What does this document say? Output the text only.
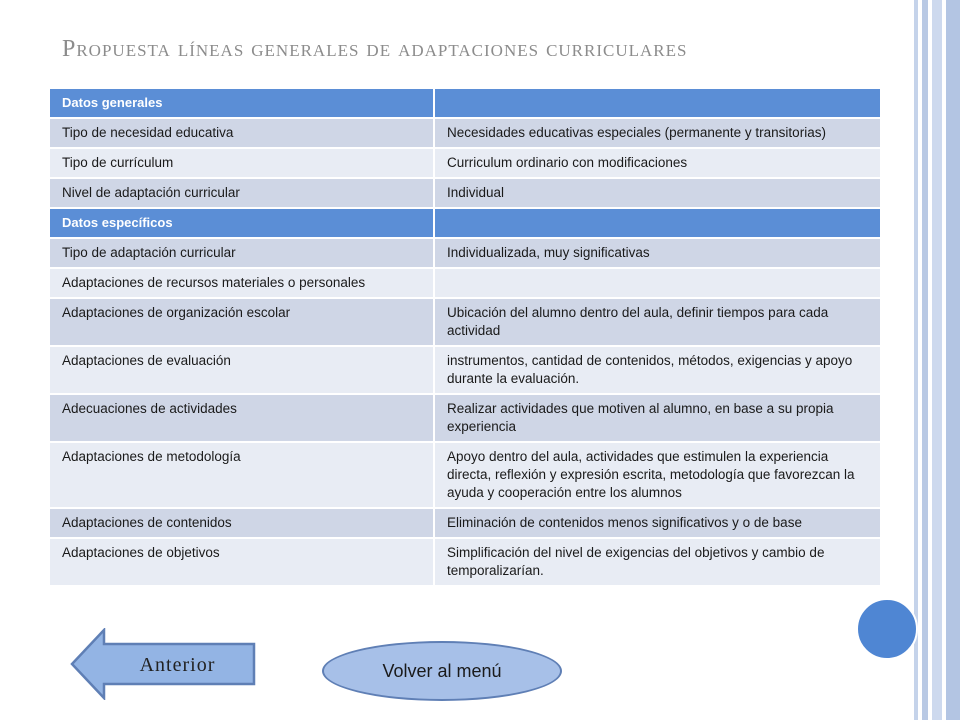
Propuesta líneas generales de adaptaciones curriculares
Datos generales	
Tipo de necesidad educativa	Necesidades educativas especiales (permanente y transitorias)
Tipo de currículum	Curriculum ordinario con modificaciones
Nivel de adaptación curricular	Individual
Datos específicos	
Tipo de adaptación curricular	Individualizada, muy significativas
Adaptaciones de recursos materiales o personales	
Adaptaciones de organización escolar	Ubicación del alumno dentro del aula, definir tiempos para cada actividad
Adaptaciones de evaluación	instrumentos, cantidad de contenidos, métodos, exigencias y apoyo durante la evaluación.
Adecuaciones de actividades	Realizar actividades que motiven al alumno, en base a su propia experiencia
Adaptaciones de metodología	Apoyo dentro del aula, actividades que estimulen la experiencia directa, reflexión y expresión escrita, metodología que favorezcan la ayuda y cooperación entre los alumnos
Adaptaciones de contenidos	Eliminación de contenidos menos significativos y o de base
Adaptaciones de objetivos	Simplificación del nivel de exigencias del objetivos y cambio de temporalizarían.
Anterior	Volver al menú
